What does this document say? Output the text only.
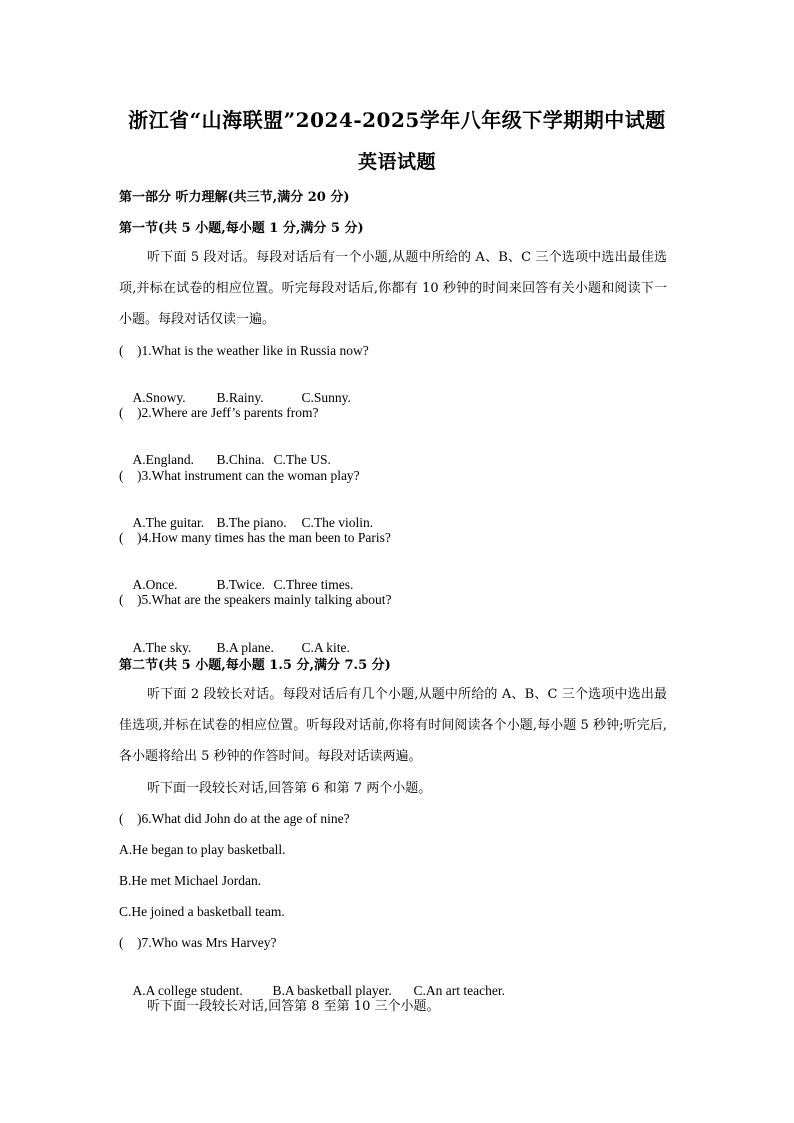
浙江省“山海联盟”2024-2025学年八年级下学期期中试题
英语试题
第一部分 听力理解(共三节,满分 20 分)
第一节(共 5 小题,每小题 1 分,满分 5 分)

听下面 5 段对话。每段对话后有一个小题,从题中所给的 A、B、C 三个选项中选出最佳选项,并标在试卷的相应位置。听完每段对话后,你都有 10 秒钟的时间来回答有关小题和阅读下一小题。每段对话仅读一遍。

(    )1.What is the weather like in Russia now?

A.Snowy. B.Rainy.	C.Sunny.

(    )2.Where are Jeff’s parents from?

A.England. B.China. C.The US.

(    )3.What instrument can the woman play?

A.The guitar. B.The piano. C.The violin.

(    )4.How many times has the man been to Paris?

A.Once.	B.Twice. C.Three times.

(    )5.What are the speakers mainly talking about?

A.The sky. B.A plane. C.A kite.

第二节(共 5 小题,每小题 1.5 分,满分 7.5 分)

听下面 2 段较长对话。每段对话后有几个小题,从题中所给的 A、B、C 三个选项中选出最佳选项,并标在试卷的相应位置。听每段对话前,你将有时间阅读各个小题,每小题 5 秒钟;听完后,各小题将给出 5 秒钟的作答时间。每段对话读两遍。

听下面一段较长对话,回答第 6 和第 7 两个小题。

(    )6.What did John do at the age of nine?
A.He began to play basketball.
B.He met Michael Jordan.
C.He joined a basketball team.
(    )7.Who was Mrs Harvey?

A.A college student. B.A basketball player. C.An art teacher.

听下面一段较长对话,回答第 8 至第 10 三个小题。
